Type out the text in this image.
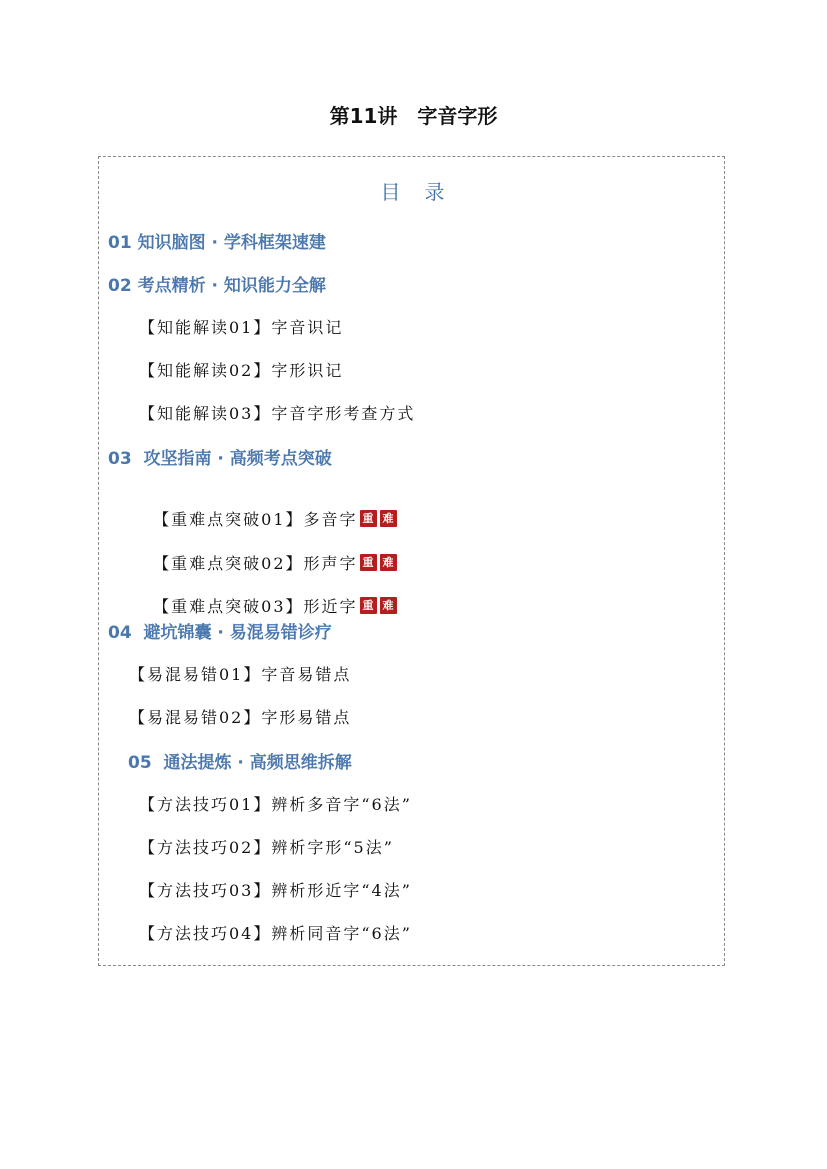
第11讲　字音字形
目　录
01 知识脑图 · 学科框架速建
02 考点精析 · 知识能力全解
【知能解读01】字音识记
【知能解读02】字形识记
【知能解读03】字音字形考查方式
03  攻坚指南 · 高频考点突破

【重难点突破01】多音字 重 难

【重难点突破02】形声字 重 难

【重难点突破03】形近字 重 难

04  避坑锦囊 · 易混易错诊疗
【易混易错01】字音易错点
【易混易错02】字形易错点
05  通法提炼 · 高频思维拆解
【方法技巧01】辨析多音字“6法”
【方法技巧02】辨析字形“5法”
【方法技巧03】辨析形近字“4法”
【方法技巧04】辨析同音字“6法”
